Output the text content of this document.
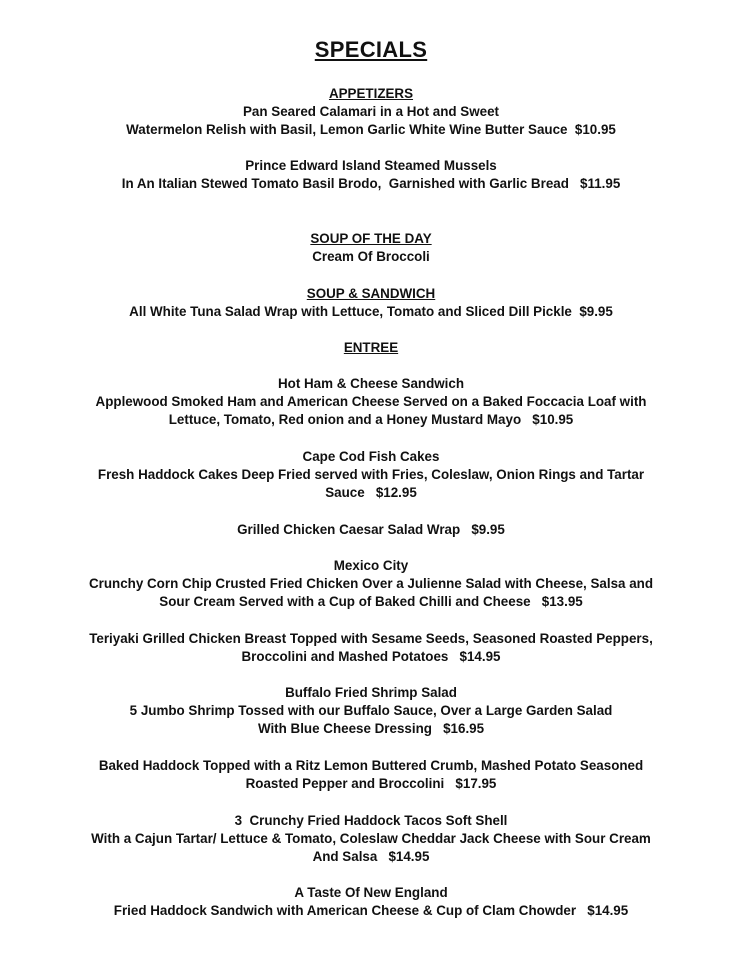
SPECIALS
APPETIZERS
Pan Seared Calamari in a Hot and Sweet
Watermelon Relish with Basil, Lemon Garlic White Wine Butter Sauce  $10.95
Prince Edward Island Steamed Mussels
In An Italian Stewed Tomato Basil Brodo,  Garnished with Garlic Bread   $11.95
SOUP OF THE DAY
Cream Of Broccoli
SOUP & SANDWICH
All White Tuna Salad Wrap with Lettuce, Tomato and Sliced Dill Pickle  $9.95
ENTREE
Hot Ham & Cheese Sandwich
Applewood Smoked Ham and American Cheese Served on a Baked Foccacia Loaf with
Lettuce, Tomato, Red onion and a Honey Mustard Mayo   $10.95
Cape Cod Fish Cakes
Fresh Haddock Cakes Deep Fried served with Fries, Coleslaw, Onion Rings and Tartar
Sauce   $12.95
Grilled Chicken Caesar Salad Wrap   $9.95
Mexico City
Crunchy Corn Chip Crusted Fried Chicken Over a Julienne Salad with Cheese, Salsa and
Sour Cream Served with a Cup of Baked Chilli and Cheese   $13.95
Teriyaki Grilled Chicken Breast Topped with Sesame Seeds, Seasoned Roasted Peppers,
Broccolini and Mashed Potatoes   $14.95
Buffalo Fried Shrimp Salad
5 Jumbo Shrimp Tossed with our Buffalo Sauce, Over a Large Garden Salad
With Blue Cheese Dressing   $16.95
Baked Haddock Topped with a Ritz Lemon Buttered Crumb, Mashed Potato Seasoned
Roasted Pepper and Broccolini   $17.95
3  Crunchy Fried Haddock Tacos Soft Shell
With a Cajun Tartar/ Lettuce & Tomato, Coleslaw Cheddar Jack Cheese with Sour Cream
And Salsa   $14.95
A Taste Of New England
Fried Haddock Sandwich with American Cheese & Cup of Clam Chowder   $14.95
